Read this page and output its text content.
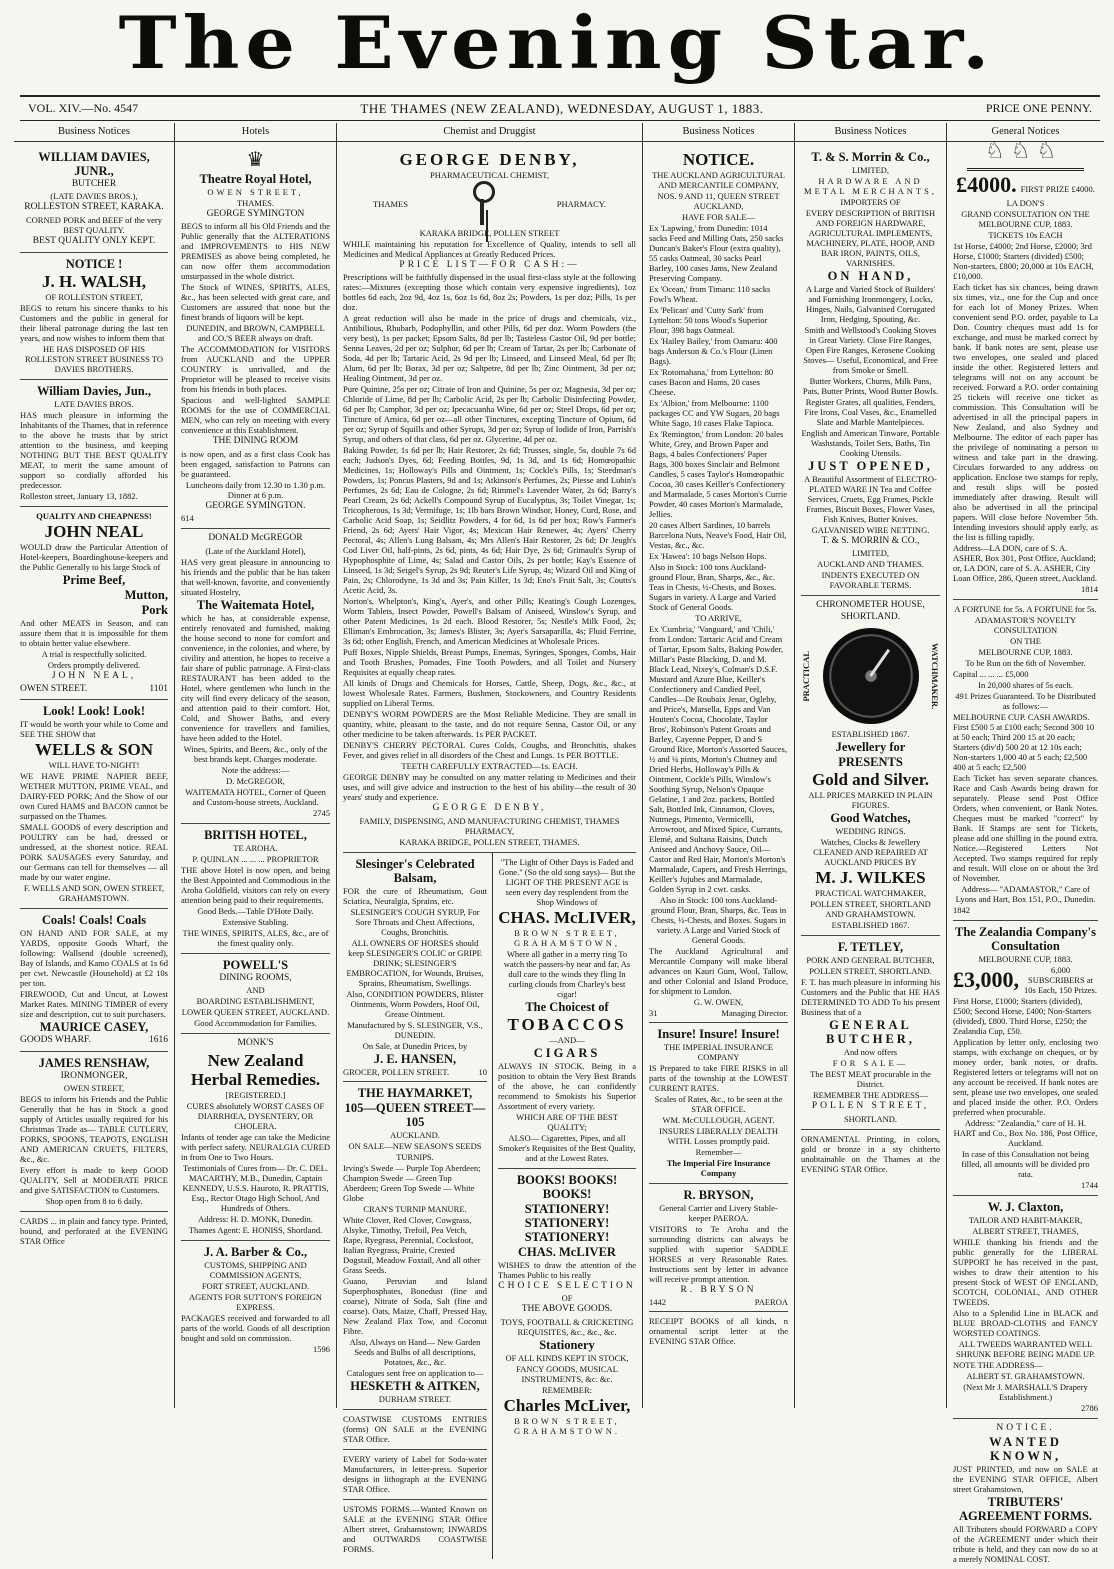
The Evening Star.
VOL. XIV.—No. 4547	THE THAMES (NEW ZEALAND), WEDNESDAY, AUGUST 1, 1883.	PRICE ONE PENNY.
Business Notices

WILLIAM DAVIES, JUNR.,

BUTCHER

(LATE DAVIES BROS.),

ROLLESTON STREET, KARAKA.

CORNED PORK and BEEF of the very BEST QUALITY.

BEST QUALITY ONLY KEPT.

NOTICE !

J. H. WALSH,

OF ROLLESTON STREET,

BEGS to return his sincere thanks to his Customers and the public in general for their liberal patronage during the last ten years, and now wishes to inform them that

HE HAS DISPOSED OF HIS ROLLESTON STREET BUSINESS TO DAVIES BROTHERS.

William Davies, Jun.,

LATE DAVIES BROS.

HAS much pleasure in informing the Inhabitants of the Thames, that in reference to the above he trusts that by strict attention to the business, and keeping NOTHING BUT THE BEST QUALITY MEAT, to merit the same amount of support so cordially afforded his predecessor.

Rolleston street, January 13, 1882.

QUALITY AND CHEAPNESS!

JOHN NEAL

WOULD draw the Particular Attention of Hotel-keepers, Boardinghouse-keepers and the Public Generally to his large Stock of

Prime Beef,

Mutton,

Pork

And other MEATS in Season, and can assure them that it is impossible for them to obtain better value elsewhere.

A trial is respectfully solicited.

Orders promptly delivered.

JOHN NEAL,

OWEN STREET.	1101

Look! Look! Look!

IT would be worth your while to Come and SEE THE SHOW that

WELLS & SON

WILL HAVE TO-NIGHT!

WE HAVE PRIME NAPIER BEEF, WETHER MUTTON, PRIME VEAL, and DAIRY-FED PORK; And the Show of our own Cured HAMS and BACON cannot be surpassed on the Thames.

SMALL GOODS of every description and POULTRY can be had, dressed or undressed, at the shortest notice. REAL PORK SAUSAGES every Saturday, and our Germans can tell for themselves — all made by our water engine.

F. WELLS AND SON, OWEN STREET, GRAHAMSTOWN.

Coals! Coals! Coals

ON HAND AND FOR SALE, at my YARDS, opposite Goods Wharf, the following: Wallsend (double screened), Bay of Islands, and Kamo COALS at 1s 6d per cwt. Newcastle (Household) at £2 10s per ton.

FIREWOOD, Cut and Uncut, at Lowest Market Rates. MINING TIMBER of every size and description, cut to suit purchasers.

MAURICE CASEY,

GOODS WHARF.	1616

JAMES RENSHAW,

IRONMONGER,

OWEN STREET,

BEGS to inform his Friends and the Public Generally that he has in Stock a good supply of Articles usually required for his Christmas Trade as— TABLE CUTLERY, FORKS, SPOONS, TEAPOTS, ENGLISH AND AMERICAN CRUETS, FILTERS, &c., &c.

Every effort is made to keep GOOD QUALITY, Sell at MODERATE PRICE and give SATISFACTION to Customers.

Shop open from 8 to 6 daily.

CARDS ... in plain and fancy type. Printed, bound, and perforated at the EVENING STAR Office

Hotels
♛

Theatre Royal Hotel,

OWEN STREET,

THAMES.

GEORGE SYMINGTON

BEGS to inform all his Old Friends and the Public generally that the ALTERATIONS and IMPROVEMENTS to HIS NEW PREMISES as above being completed, he can now offer them accommodation unsurpassed in the whole district.

The Stock of WINES, SPIRITS, ALES, &c., has been selected with great care, and Customers are assured that none but the finest brands of liquors will be kept.

DUNEDIN, and BROWN, CAMPBELL and CO.'S BEER always on draft.

The ACCOMMODATION for VISITORS from AUCKLAND and the UPPER COUNTRY is unrivalled, and the Proprietor will be pleased to receive visits from his friends in both places.

Spacious and well-lighted SAMPLE ROOMS for the use of COMMERCIAL MEN, who can rely on meeting with every convenience at this Establishment.

THE DINING ROOM

is now open, and as a first class Cook has been engaged, satisfaction to Patrons can be guaranteed.

Luncheons daily from 12.30 to 1.30 p.m. Dinner at 6 p.m.

GEORGE SYMINGTON.

614

DONALD McGREGOR

(Late of the Auckland Hotel),

HAS very great pleasure in announcing to his friends and the public that he has taken that well-known, favorite, and conveniently situated Hostelry,

The Waitemata Hotel,

which he has, at considerable expense, entirely renovated and furnished, making the house second to none for comfort and convenience, in the colonies, and where, by civility and attention, he hopes to receive a fair share of public patronage. A First-class RESTAURANT has been added to the Hotel, where gentlemen who lunch in the city will find every delicacy of the season, and attention paid to their comfort. Hot, Cold, and Shower Baths, and every convenience for travellers and families, have been added to the Hotel.

Wines, Spirits, and Beers, &c., only of the best brands kept. Charges moderate.

Note the address:—

D. McGREGOR,

WAITEMATA HOTEL, Corner of Queen and Custom-house streets, Auckland.

2745

BRITISH HOTEL,

TE AROHA.

P. QUINLAN ... ... ... PROPRIETOR

THE above Hotel is now open, and being the Best Appointed and Commodious in the Aroha Goldfield, visitors can rely on every attention being paid to their requirements.

Good Beds.—Table D'Hote Daily.

Extensive Stabling.

THE WINES, SPIRITS, ALES, &c., are of the finest quality only.

POWELL'S

DINING ROOMS,

AND

BOARDING ESTABLISHMENT,

LOWER QUEEN STREET, AUCKLAND.

Good Accommodation for Families.

MONK'S

New Zealand Herbal Remedies.

[REGISTERED.]

CURES absolutely WORST CASES OF DIARRHŒA, DYSENTERY, OR CHOLERA.

Infants of tender age can take the Medicine with perfect safety. NEURALGIA CURED in from One to Two Hours.

Testimonials of Cures from— Dr. C. DEL. MACARTHY, M.B., Dunedin, Captain KENNEDY, U.S.S. Hauroto, R. PRATTIS, Esq., Rector Otago High School, And Hundreds of Others.

Address: H. D. MONK, Dunedin.

Thames Agent: E. HONISS, Shortland.

J. A. Barber & Co.,

CUSTOMS, SHIPPING AND COMMISSION AGENTS,

FORT STREET, AUCKLAND.

AGENTS FOR SUTTON'S FOREIGN EXPRESS.

PACKAGES received and forwarded to all parts of the world. Goods of all description bought and sold on commission.

1596

Chemist and Druggist

GEORGE DENBY,

PHARMACEUTICAL CHEMIST,

THAMES	PHARMACY.

KARAKA BRIDGE, POLLEN STREET

WHILE maintaining his reputation for Excellence of Quality, intends to sell all Medicines and Medical Appliances at Greatly Reduced Prices.

PRICE LIST—FOR CASH:—

Prescriptions will be faithfully dispensed in the usual first-class style at the following rates:—Mixtures (excepting those which contain very expensive ingredients), 1oz bottles 6d each, 2oz 9d, 4oz 1s, 6oz 1s 6d, 8oz 2s; Powders, 1s per doz; Pills, 1s per doz.

A great reduction will also be made in the price of drugs and chemicals, viz., Antibilious, Rhubarb, Podophyllin, and other Pills, 6d per doz. Worm Powders (the very best), 1s per packet; Epsom Salts, 8d per lb; Tasteless Castor Oil, 9d per bottle; Senna Leaves, 2d per oz; Sulphur, 6d per lb; Cream of Tartar, 2s per lb; Carbonate of Soda, 4d per lb; Tartaric Acid, 2s 9d per lb; Linseed, and Linseed Meal, 6d per lb; Alum, 6d per lb; Borax, 3d per oz; Saltpetre, 8d per lb; Zinc Ointment, 3d per oz; Healing Ointment, 3d per oz.

Pure Quinine, 25s per oz; Citrate of Iron and Quinine, 5s per oz; Magnesia, 3d per oz; Chloride of Lime, 8d per lb; Carbolic Acid, 2s per lb; Carbolic Disinfecting Powder, 6d per lb; Camphor, 3d per oz; Ipecacuanha Wine, 6d per oz; Steel Drops, 6d per oz; Tincture of Arnica, 6d per oz—all other Tinctures, excepting Tincture of Opium, 6d per oz; Syrup of Squills and other Syrups, 3d per oz; Syrup of Iodide of Iron, Parrish's Syrup, and others of that class, 6d per oz. Glycerine, 4d per oz.

Baking Powder, 1s 6d per lb; Hair Restorer, 2s 6d; Trusses, single, 5s, double 7s 6d each; Judson's Dyes, 6d; Feeding Bottles, 9d, 1s 3d, and 1s 6d; Homœopathic Medicines, 1s; Holloway's Pills and Ointment, 1s; Cockle's Pills, 1s; Steedman's Powders, 1s; Poncus Plasters, 9d and 1s; Atkinson's Perfumes, 2s; Piesse and Lubin's Perfumes, 2s 6d; Eau de Cologne, 2s 6d; Rimmel's Lavender Water, 2s 6d; Barry's Pearl Cream, 2s 6d; Ackell's Compound Syrup of Eucalyptus, 3s; Toilet Vinegar, 1s; Tricopherous, 1s 3d; Vermifuge, 1s; 1lb bars Brown Windsor, Honey, Curd, Rose, and Carbolic Acid Soap, 1s; Seidlitz Powders, 4 for 6d, 1s 6d per box; Row's Farmer's Friend, 2s 6d; Ayers' Hair Vigor, 4s; Mexican Hair Renewer, 4s; Ayers' Cherry Pectoral, 4s; Allen's Lung Balsam, 4s; Mrs Allen's Hair Restorer, 2s 6d; Dr Jeugh's Cod Liver Oil, half-pints, 2s 6d, pints, 4s 6d; Hair Dye, 2s 6d; Grimault's Syrup of Hypophosphite of Lime, 4s; Salad and Castor Oils, 2s per bottle; Kay's Essence of Linseed, 1s 3d; Seigel's Syrup, 2s 9d; Reuter's Life Syrup, 4s; Wizard Oil and King of Pain, 2s; Chlorodyne, 1s 3d and 3s; Pain Killer, 1s 3d; Eno's Fruit Salt, 3s; Coutts's Acetic Acid, 3s.

Norton's, Whelpton's, King's, Ayer's, and other Pills; Keating's Cough Lozenges, Worm Tablets, Insect Powder, Powell's Balsam of Aniseed, Winslow's Syrup, and other Patent Medicines, 1s 2d each. Blood Restorer, 5s; Nestle's Milk Food, 2s; Elliman's Embrocation, 3s; James's Blister, 3s; Ayer's Sarsaparilla, 4s; Fluid Ferrine, 3s 6d; other English, French, and American Medicines at Wholesale Prices.

Puff Boxes, Nipple Shields, Breast Pumps, Enemas, Syringes, Sponges, Combs, Hair and Tooth Brushes, Pomades, Fine Tooth Powders, and all Toilet and Nursery Requisites at equally cheap rates.

All kinds of Drugs and Chemicals for Horses, Cattle, Sheep, Dogs, &c., &c., at lowest Wholesale Rates. Farmers, Bushmen, Stockowners, and Country Residents supplied on Liberal Terms.

DENBY'S WORM POWDERS are the Most Reliable Medicine. They are small in quantity, white, pleasant to the taste, and do not require Senna, Castor Oil, or any other medicine to be taken afterwards. 1s PER PACKET.

DENBY'S CHERRY PECTORAL Cures Colds, Coughs, and Bronchitis, shakes Fever, and gives relief in all disorders of the Chest and Lungs. 1s PER BOTTLE.

TEETH CAREFULLY EXTRACTED—1s. EACH.

GEORGE DENBY may be consulted on any matter relating to Medicines and their uses, and will give advice and instruction to the best of his ability—the result of 30 years' study and experience.

GEORGE DENBY,

FAMILY, DISPENSING, AND MANUFACTURING CHEMIST, THAMES PHARMACY,

KARAKA BRIDGE, POLLEN STREET, THAMES.

Slesinger's Celebrated Balsam,

FOR the cure of Rheumatism, Gout Sciatica, Neuralgia, Sprains, etc.

SLESINGER'S COUGH SYRUP, For Sore Throats and Chest Affections, Coughs, Bronchitis.

ALL OWNERS OF HORSES should keep SLESINGER'S COLIC or GRIPE DRINK; SLESINGER'S EMBROCATION, for Wounds, Bruises, Sprains, Rheumatism, Swellings.

Also, CONDITION POWDERS, Blister Ointments, Worm Powders, Hoof Oil, Grease Ointment.

Manufactured by S. SLESINGER, V.S., DUNEDIN.

On Sale, at Dunedin Prices, by

J. E. HANSEN,

GROCER, POLLEN STREET.	10

THE HAYMARKET,

105—QUEEN STREET—105

AUCKLAND.

ON SALE—NEW SEASON'S SEEDS

TURNIPS.

Irving's Swede — Purple Top Aberdeen; Champion Swede — Green Top Aberdeen; Green Top Swede — White Globe

CRAN'S TURNIP MANURE.

White Clover, Red Clover, Cowgrass, Alsyke, Timothy, Trefoil, Pea Vetch, Rape, Ryegrass, Perennial, Cocksfoot, Italian Ryegrass, Prairie, Crested Dogstail, Meadow Foxtail, And all other Grass Seeds.

Guano, Peruvian and Island Superphosphates, Bonedust (fine and coarse), Nitrate of Soda, Salt (fine and coarse). Oats, Maize, Chaff, Pressed Hay, New Zealand Flax Tow, and Coconut Fibre.

Also, Always on Hand— New Garden Seeds and Bulbs of all descriptions, Potatoes, &c., &c.

Catalogues sent free on application to—

HESKETH & AITKEN,

DURHAM STREET.

COASTWISE CUSTOMS ENTRIES (forms) ON SALE at the EVENING STAR Office.

EVERY variety of Label for Soda-water Manufacturers, in letter-press. Superior designs in lithograph at the EVENING STAR Office.

USTOMS FORMS.—Wanted Known on SALE at the EVENING STAR Office Albert street, Grahamstown; INWARDS and OUTWARDS COASTWISE FORMS.

"The Light of Other Days is Faded and Gone." (So the old song says)— But the LIGHT OF THE PRESENT AGE is seen every day resplendent from the Shop Windows of

CHAS. McLIVER,

BROWN STREET, GRAHAMSTOWN,

Where all gather in a merry ring To watch the passers-by near and far, As dull care to the winds they fling In curling clouds from Charley's best cigar!

The Choicest of

TOBACCOS

—AND—

CIGARS

ALWAYS IN STOCK. Being in a position to obtain the Very Best Brands of the above, he can confidently recommend to Smokists his Superior Assortment of every variety.

WHICH ARE OF THE BEST QUALITY;

ALSO— Cigarettes, Pipes, and all Smoker's Requisites of the Best Quality, and at the Lowest Rates.

BOOKS! BOOKS! BOOKS!

STATIONERY! STATIONERY! STATIONERY!

CHAS. McLIVER

WISHES to draw the attention of the Thames Public to his really

CHOICE SELECTION

OF

THE ABOVE GOODS.

TOYS, FOOTBALL & CRICKETING REQUISITES, &c., &c., &c.

Stationery

OF ALL KINDS KEPT IN STOCK,

FANCY GOODS, MUSICAL INSTRUMENTS, &c. &c.

REMEMBER:

Charles McLiver,

BROWN STREET, GRAHAMSTOWN.

Business Notices

NOTICE.

THE AUCKLAND AGRICULTURAL AND MERCANTILE COMPANY,

NOS. 9 AND 11, QUEEN STREET AUCKLAND,

HAVE FOR SALE—

Ex 'Lapwing,' from Dunedin: 1014 sacks Feed and Milling Oats, 250 sacks Duncan's Baker's Flour (extra quality), 55 casks Oatmeal, 30 sacks Pearl Barley, 100 cases Jams, New Zealand Preserving Company.

Ex 'Ocean,' from Timaru: 110 sacks Fowl's Wheat.

Ex 'Pelican' and 'Cutty Sark' from Lyttelton: 50 tons Wood's Superior Flour, 398 bags Oatmeal.

Ex 'Hailey Bailey,' from Oamaru: 400 bags Anderson & Co.'s Flour (Linen Bags).

Ex 'Rotomahana,' from Lyttelton: 80 cases Bacon and Hams, 20 cases Cheese.

Ex 'Albion,' from Melbourne: 1100 packages CC and YW Sugars, 20 bags White Sago, 10 cases Flake Tapioca.

Ex 'Remington,' from London: 20 bales White, Grey, and Brown Paper and Bags, 4 bales Confectioners' Paper Bags, 300 boxes Sinclair and Belmont Candles, 5 cases Taylor's Homœopathic Cocoa, 30 cases Keiller's Confectionery and Marmalade, 5 cases Morton's Currie Powder, 40 cases Morton's Marmalade, Jellies.

20 cases Albert Sardines, 10 barrels Barcelona Nuts, Neave's Food, Hair Oil, Vestas, &c., &c.

Ex 'Hawea': 10 bags Nelson Hops.

Also in Stock: 100 tons Auckland-ground Flour, Bran, Sharps, &c., &c. Teas in Chests, ½-Chests, and Boxes. Sugars in variety. A Large and Varied Stock of General Goods.

TO ARRIVE,

Ex 'Cumbria,' 'Vanguard,' and 'Chili,' from London: Tartaric Acid and Cream of Tartar, Epsom Salts, Baking Powder, Millar's Paste Blacking, D. and M. Black Lead, Nixey's, Colman's D.S.F. Mustard and Azure Blue, Keiller's Confectionery and Candied Peel, Candles—De Roubaix Jenar, Ogleby, and Price's, Marsella, Epps and Van Houten's Cocoa, Chocolate, Taylor Bros', Robinson's Patent Groats and Barley, Cayenne Pepper, D and S Ground Rice, Morton's Assorted Sauces, ½ and ¼ pints, Morton's Chutney and Dried Herbs, Holloway's Pills & Ointment, Cockle's Pills, Winslow's Soothing Syrup, Nelson's Opaque Gelatine, 1 and 2oz. packets, Bottled Salt, Bottled Ink, Cinnamon, Cloves, Nutmegs, Pimento, Vermicelli, Arrowroot, and Mixed Spice, Currants, Elemé, and Sultana Raisins, Dutch Aniseed and Anchovy Sauce, Oil—Castor and Red Hair, Morton's Morton's Marmalade, Capers, and Fresh Herrings, Keiller's Jujubes and Marmalade, Golden Syrup in 2 cwt. casks.

Also in Stock: 100 tons Auckland-ground Flour, Bran, Sharps, &c. Teas in Chests, ½-Chests, and Boxes. Sugars in variety. A Large and Varied Stock of General Goods.

The Auckland Agricultural and Mercantile Company will make liberal advances on Kauri Gum, Wool, Tallow, and other Colonial and Island Produce, for shipment to London.

G. W. OWEN,

31	Managing Director.

Insure! Insure! Insure!

THE IMPERIAL INSURANCE COMPANY

IS Prepared to take FIRE RISKS in all parts of the township at the LOWEST CURRENT RATES.

Scales of Rates, &c., to be seen at the STAR OFFICE.

WM. McCULLOUGH, AGENT.

INSURES LIBERALLY DEALTH WITH. Losses promptly paid.

Remember—

The Imperial Fire Insurance Company

R. BRYSON,

General Carrier and Livery Stable-keeper PAEROA.

VISITORS to Te Aroha and the surrounding districts can always be supplied with superior SADDLE HORSES at very Reasonable Rates. Instructions sent by letter in advance will receive prompt attention.

R. BRYSON

1442	PAEROA

RECEIPT BOOKS of all kinds, n ornamental script letter at the EVENING STAR Office.

Business Notices

T. & S. Morrin & Co.,

LIMITED,

HARDWARE AND METAL MERCHANTS,

IMPORTERS OF

EVERY DESCRIPTION of BRITISH AND FOREIGN HARDWARE, AGRICULTURAL IMPLEMENTS, MACHINERY, PLATE, HOOP, AND BAR IRON, PAINTS, OILS, VARNISHES.

ON HAND,

A Large and Varied Stock of Builders' and Furnishing Ironmongery, Locks, Hinges, Nails, Galvanised Corrugated Iron, Hedging, Spouting, &c.

Smith and Wellstood's Cooking Stoves in Great Variety. Close Fire Ranges, Open Fire Ranges, Kerosene Cooking Stoves— Useful, Economical, and Free from Smoke or Smell.

Butter Workers, Churns, Milk Pans, Pats, Butter Prints, Wood Butter Bowls.

Register Grates, all qualities, Fenders, Fire Irons, Coal Vases, &c., Enamelled Slate and Marble Mantelpieces.

English and American Tinware, Portable Washstands, Toilet Sets, Baths, Tin Cooking Utensils.

JUST OPENED,

A Beautiful Assortment of ELECTRO-PLATED WARE IN Tea and Coffee Services, Cruets, Egg Frames, Pickle Frames, Biscuit Boxes, Flower Vases, Fish Knives, Butter Knives.

GALVANISED WIRE NETTING.

T. & S. MORRIN & CO.,

LIMITED,

AUCKLAND AND THAMES.

INDENTS EXECUTED ON FAVORABLE TERMS.

CHRONOMETER HOUSE, SHORTLAND.

PRACTICAL	WATCHMAKER.

ESTABLISHED 1867.

Jewellery for

PRESENTS

Gold and Silver.

ALL PRICES MARKED IN PLAIN FIGURES.

Good Watches,

WEDDING RINGS.

Watches, Clocks & Jewellery CLEANED AND REPAIRED AT AUCKLAND PRICES BY

M. J. WILKES

PRACTICAL WATCHMAKER,

POLLEN STREET, SHORTLAND AND GRAHAMSTOWN.

ESTABLISHED 1867.

F. TETLEY,

PORK AND GENERAL BUTCHER,

POLLEN STREET, SHORTLAND.

F. T. has much pleasure in informing his Customers and the Public that HE HAS DETERMINED TO ADD To his present Business that of a

GENERAL BUTCHER,

And now offers

FOR SALE—

The BEST MEAT procurable in the District.

REMEMBER THE ADDRESS—

POLLEN STREET,

SHORTLAND.

ORNAMENTAL Printing, in colors, gold or bronze in a sty chitherto unobtainable on the Thames at the EVENING STAR Office.

General Notices
♘♘♘
£4000. FIRST PRIZE £4000.

LA DON'S

GRAND CONSULTATION ON THE MELBOURNE CUP, 1883.

TICKETS 10s EACH

1st Horse, £4000; 2nd Horse, £2000; 3rd Horse, £1000; Starters (divided) £500; Non-starters, £800; 20,000 at 10s EACH, £10,000.

Each ticket has six chances, being drawn six times, viz., one for the Cup and once for each lot of Money Prizes. When convenient send P.O. order, payable to La Don. Country cheques must add 1s for exchange, and must be marked correct by bank. If bank notes are sent, please use two envelopes, one sealed and placed inside the other. Registered letters and telegrams will not on any account be received. Forward a P.O. order containing 25 tickets will receive one ticket as commission. This Consultation will be advertised in all the principal papers in New Zealand, and also Sydney and Melbourne. The editor of each paper has the privilege of nominating a person to witness and take part in the drawing. Circulars forwarded to any address on application. Enclose two stamps for reply, and result slips will be posted immediately after drawing. Result will also be advertised in all the principal papers. Will close before November 5th. Intending investors should apply early, as the list is filling rapidly.

Address—LA DON, care of S. A. ASHER, Box 301, Post Office, Auckland; or, LA DON, care of S. A. ASHER, City Loan Office, 286, Queen street, Auckland.

1814

A FORTUNE for 5s. A FORTUNE for 5s.

ADAMASTOR'S NOVELTY CONSULTATION

ON THE

MELBOURNE CUP, 1883.

To be Run on the 6th of November.

Capital ... ... ... £5,000

In 20,000 shares of 5s each.

491 Prizes Guaranteed. To be Distributed as follows:—

MELBOURNE CUP. CASH AWARDS. First £500 5 at £100 each; Second 300 10 at 50 each; Third 200 15 at 20 each; Starters (div'd) 500 20 at 12 10s each; Non-starters 1,000 40 at 5 each; £2,500 400 at 5 each; £2,500

Each Ticket has seven separate chances. Race and Cash Awards being drawn for separately. Please send Post Office Orders, when convenient, or Bank Notes. Cheques must be marked "correct" by Bank. If Stamps are sent for Tickets, please add one shilling in the pound extra. Notice.—Registered Letters Not Accepted. Two stamps required for reply and result. Will close on or about the 3rd of November.

Address— "ADAMASTOR," Care of Lyons and Hart, Box 151, P.O., Dunedin.

1842

The Zealandia Company's Consultation

MELBOURNE CUP, 1883.

£3,000,	6,000 SUBSCRIBERS at 10s Each, 150 Prizes.

First Horse, £1000; Starters (divided), £500; Second Horse, £400; Non-Starters (divided), £800. Third Horse, £250; the Zealandia Cup, £50.

Application by letter only, enclosing two stamps, with exchange on cheques, or by money order, bank notes, or drafts. Registered letters or telegrams will not on any account be received. If bank notes are sent, please use two envelopes, one sealed and placed inside the other. P.O. Orders preferred when procurable.

Address: "Zealandia," care of H. H. HART and Co., Box No. 186, Post Office, Auckland.

In case of this Consultation not being filled, all amounts will be divided pro rata.

1744

W. J. Claxton,

TAILOR AND HABIT-MAKER,

ALBERT STREET, THAMES,

WHILE thanking his friends and the public generally for the LIBERAL SUPPORT he has received in the past, wishes to draw their attention to his present Stock of WEST OF ENGLAND, SCOTCH, COLONIAL, AND OTHER TWEEDS.

Also to a Splendid Line in BLACK and BLUE BROAD-CLOTHS and FANCY WORSTED COATINGS.

ALL TWEEDS WARRANTED WELL SHRUNK BEFORE BEING MADE UP.

NOTE THE ADDRESS—

ALBERT ST. GRAHAMSTOWN.

(Next Mr J. MARSHALL'S Drapery Establishment.)

2786

NOTICE.

WANTED KNOWN,

JUST PRINTED, and now on SALE at the EVENING STAR OFFICE, Albert street Grahamstown,

TRIBUTERS' AGREEMENT FORMS.

All Tributers should FORWARD a COPY of the AGREEMENT under which their tribute is held, and they can now do so at a merely NOMINAL COST.
